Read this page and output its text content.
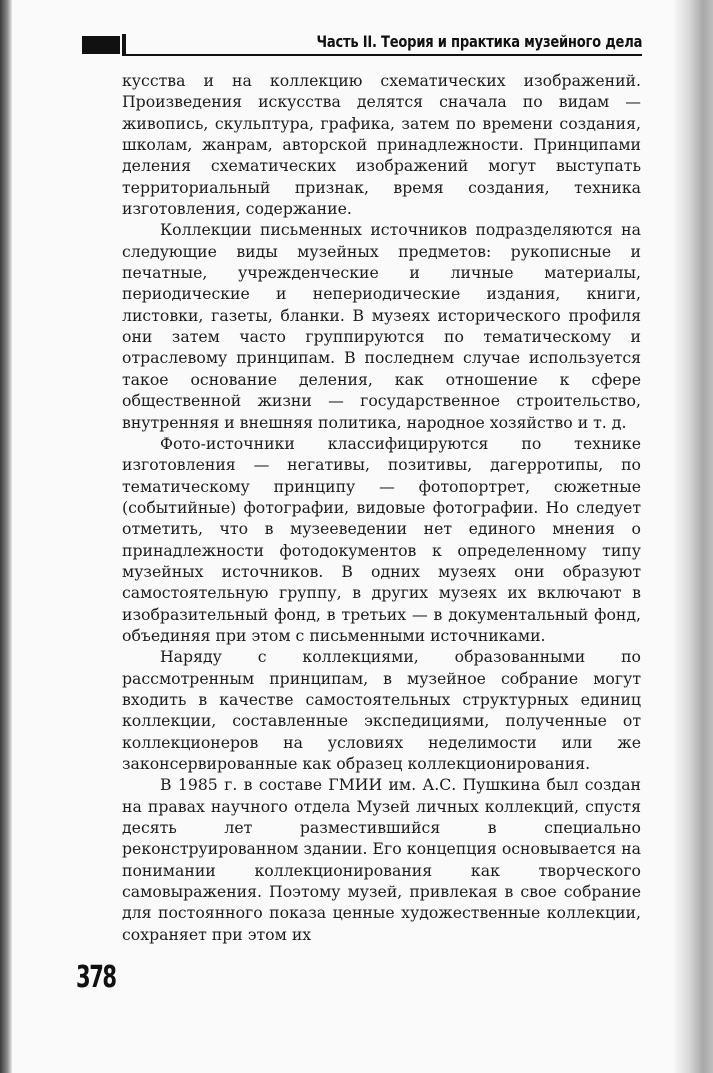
Часть II. Теория и практика музейного дела

кусства и на коллекцию схематических изображений. Произведения искусства делятся сначала по видам — живопись, скульптура, графика, затем по времени создания, школам, жанрам, авторской принадлежности. Принципами деления схематических изображений могут выступать территориальный признак, время создания, техника изготовления, содержание.

Коллекции письменных источников подразделяются на следующие виды музейных предметов: рукописные и печатные, учрежденческие и личные материалы, периодические и непериодические издания, книги, листовки, газеты, бланки. В музеях исторического профиля они затем часто группируются по тематическому и отраслевому принципам. В последнем случае используется такое основание деления, как отношение к сфере общественной жизни — государственное строительство, внутренняя и внешняя политика, народное хозяйство и т. д.

Фото-источники классифицируются по технике изготовления — негативы, позитивы, дагерротипы, по тематическому принципу — фотопортрет, сюжетные (событийные) фотографии, видовые фотографии. Но следует отметить, что в музееведении нет единого мнения о принадлежности фотодокументов к определенному типу музейных источников. В одних музеях они образуют самостоятельную группу, в других музеях их включают в изобразительный фонд, в третьих — в документальный фонд, объединяя при этом с письменными источниками.

Наряду с коллекциями, образованными по рассмотренным принципам, в музейное собрание могут входить в качестве самостоятельных структурных единиц коллекции, составленные экспедициями, полученные от коллекционеров на условиях неделимости или же законсервированные как образец коллекционирования.

В 1985 г. в составе ГМИИ им. А.С. Пушкина был создан на правах научного отдела Музей личных коллекций, спустя десять лет разместившийся в специально реконструированном здании. Его концепция основывается на понимании коллекционирования как творческого самовыражения. Поэтому музей, привлекая в свое собрание для постоянного показа ценные художественные коллекции, сохраняет при этом их

378
